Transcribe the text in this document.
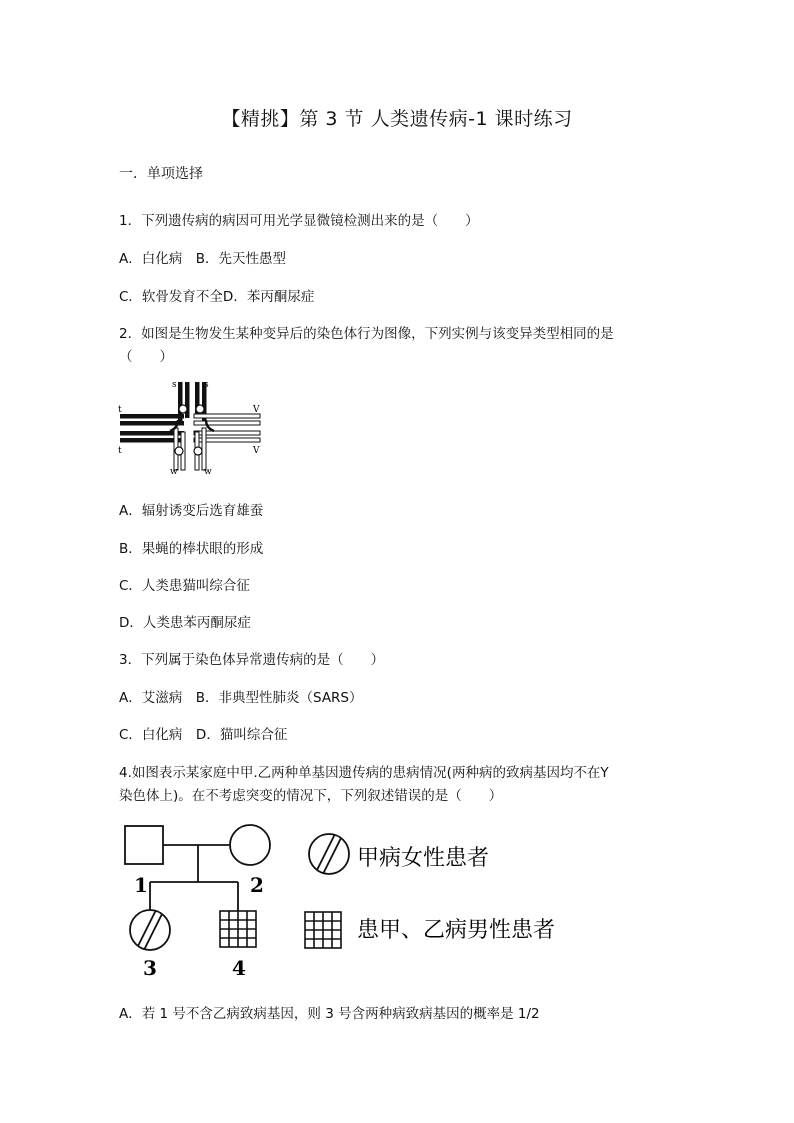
【精挑】第 3 节 人类遗传病-1 课时练习
一．单项选择
1．下列遗传病的病因可用光学显微镜检测出来的是（　　）
A．白化病　B．先天性愚型
C．软骨发育不全D．苯丙酮尿症
2．如图是生物发生某种变异后的染色体行为图像，下列实例与该变异类型相同的是
（　　）
s	s
t
t
V
V
w	w
A．辐射诱变后选育雄蚕
B．果蝇的棒状眼的形成
C．人类患猫叫综合征
D．人类患苯丙酮尿症
3．下列属于染色体异常遗传病的是（　　）
A．艾滋病　B．非典型性肺炎（SARS）
C．白化病　D．猫叫综合征
4.如图表示某家庭中甲.乙两种单基因遗传病的患病情况(两种病的致病基因均不在Y
染色体上)。在不考虑突变的情况下，下列叙述错误的是（　　）
1	2
3	4
甲病女性患者
患甲、乙病男性患者
A．若 1 号不含乙病致病基因，则 3 号含两种病致病基因的概率是 1/2
